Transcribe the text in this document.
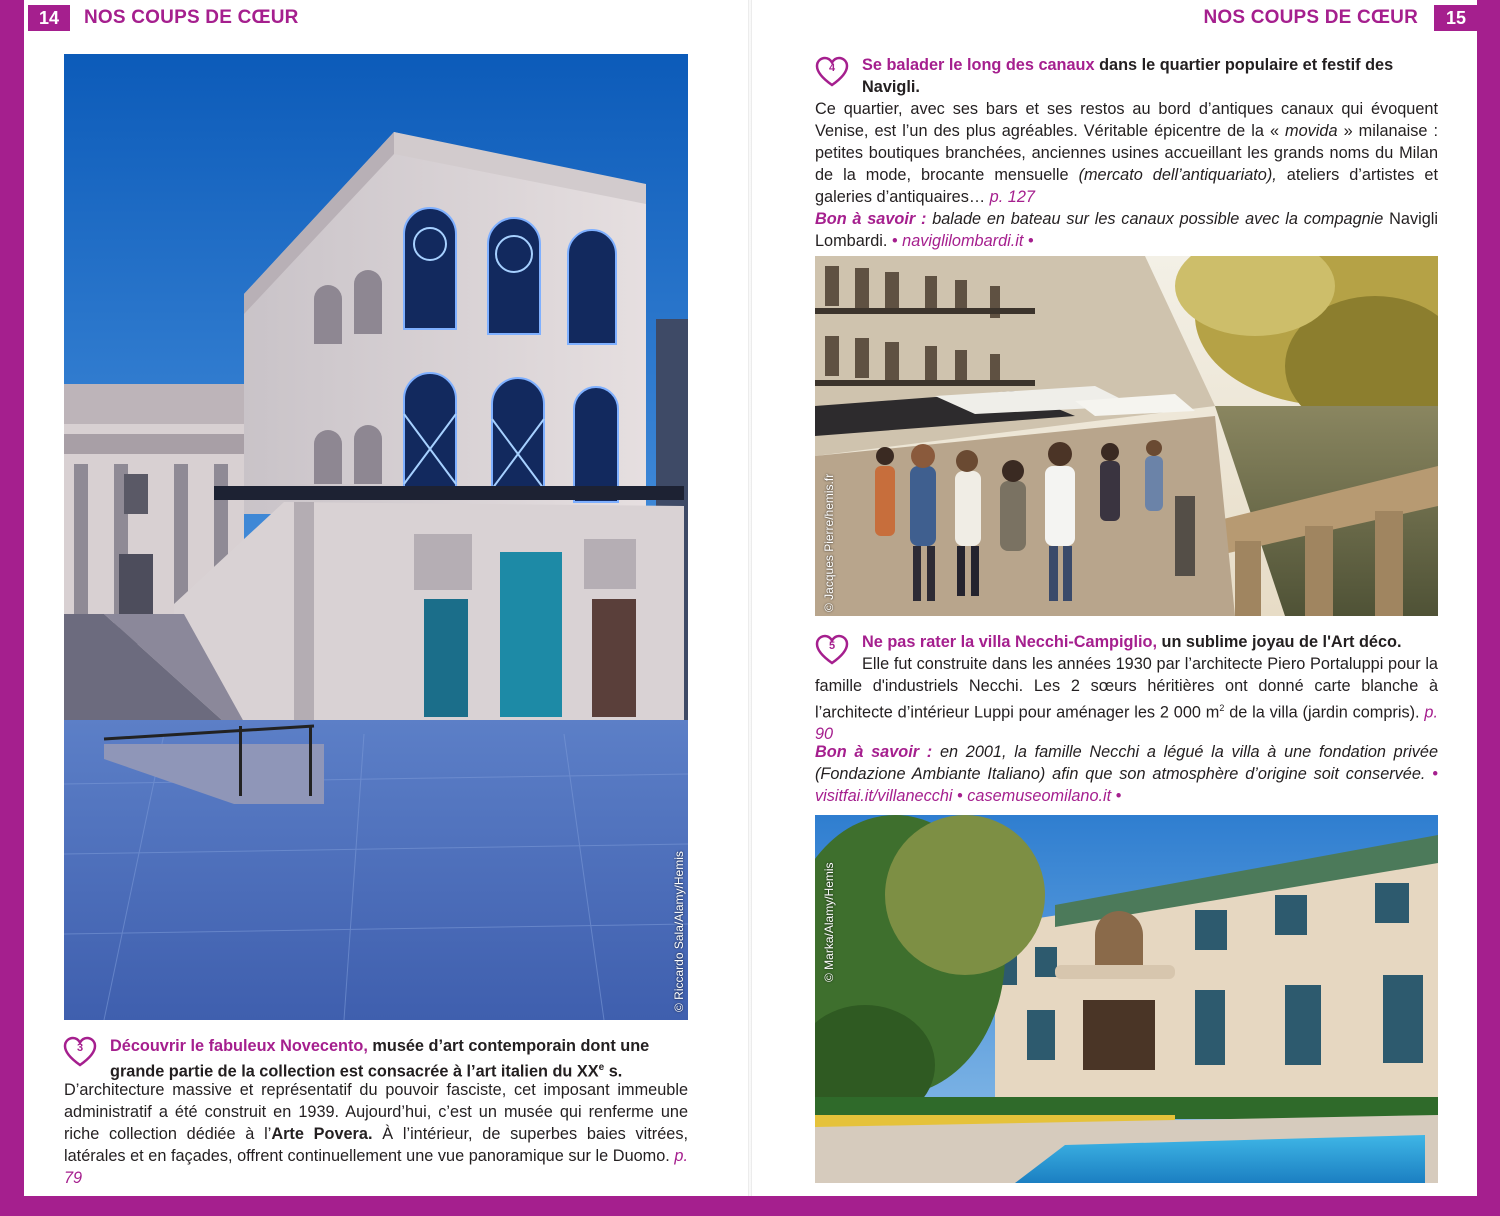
14	NOS COUPS DE CŒUR	NOS COUPS DE CŒUR	15
© Riccardo Sala/Alamy/Hemis
3	Découvrir le fabuleux Novecento, musée d’art contemporain dont une grande partie de la collection est consacrée à l’art italien du XXe s.

D’architecture massive et représentatif du pouvoir fasciste, cet imposant immeuble administratif a été construit en 1939. Aujourd’hui, c’est un musée qui renferme une riche collection dédiée à l’Arte Povera. À l’intérieur, de superbes baies vitrées, latérales et en façades, offrent continuellement une vue panoramique sur le Duomo. p. 79

4	Se balader le long des canaux dans le quartier populaire et festif des Navigli.

Ce quartier, avec ses bars et ses restos au bord d’antiques canaux qui évoquent Venise, est l’un des plus agréables. Véritable épicentre de la « movida » milanaise : petites boutiques branchées, anciennes usines accueillant les grands noms du Milan de la mode, brocante mensuelle (mercato dell’antiquariato), ateliers d’artistes et galeries d’antiquaires… p. 127

Bon à savoir : balade en bateau sur les canaux possible avec la compagnie Navigli Lombardi. • naviglilombardi.it •

© Jacques Pierre/hemis.fr
5	Ne pas rater la villa Necchi-Campiglio, un sublime joyau de l'Art déco.

Elle fut construite dans les années 1930 par l’architecte Piero Portaluppi pour la famille d'industriels Necchi. Les 2 sœurs héritières ont donné carte blanche à l’architecte d’intérieur Luppi pour aménager les 2 000 $m^2$ de la villa (jardin compris). p. 90

Bon à savoir : en 2001, la famille Necchi a légué la villa à une fondation privée (Fondazione Ambiante Italiano) afin que son atmosphère d’origine soit conservée. • visitfai.it/villanecchi • casemuseomilano.it •

© Marka/Alamy/Hemis
